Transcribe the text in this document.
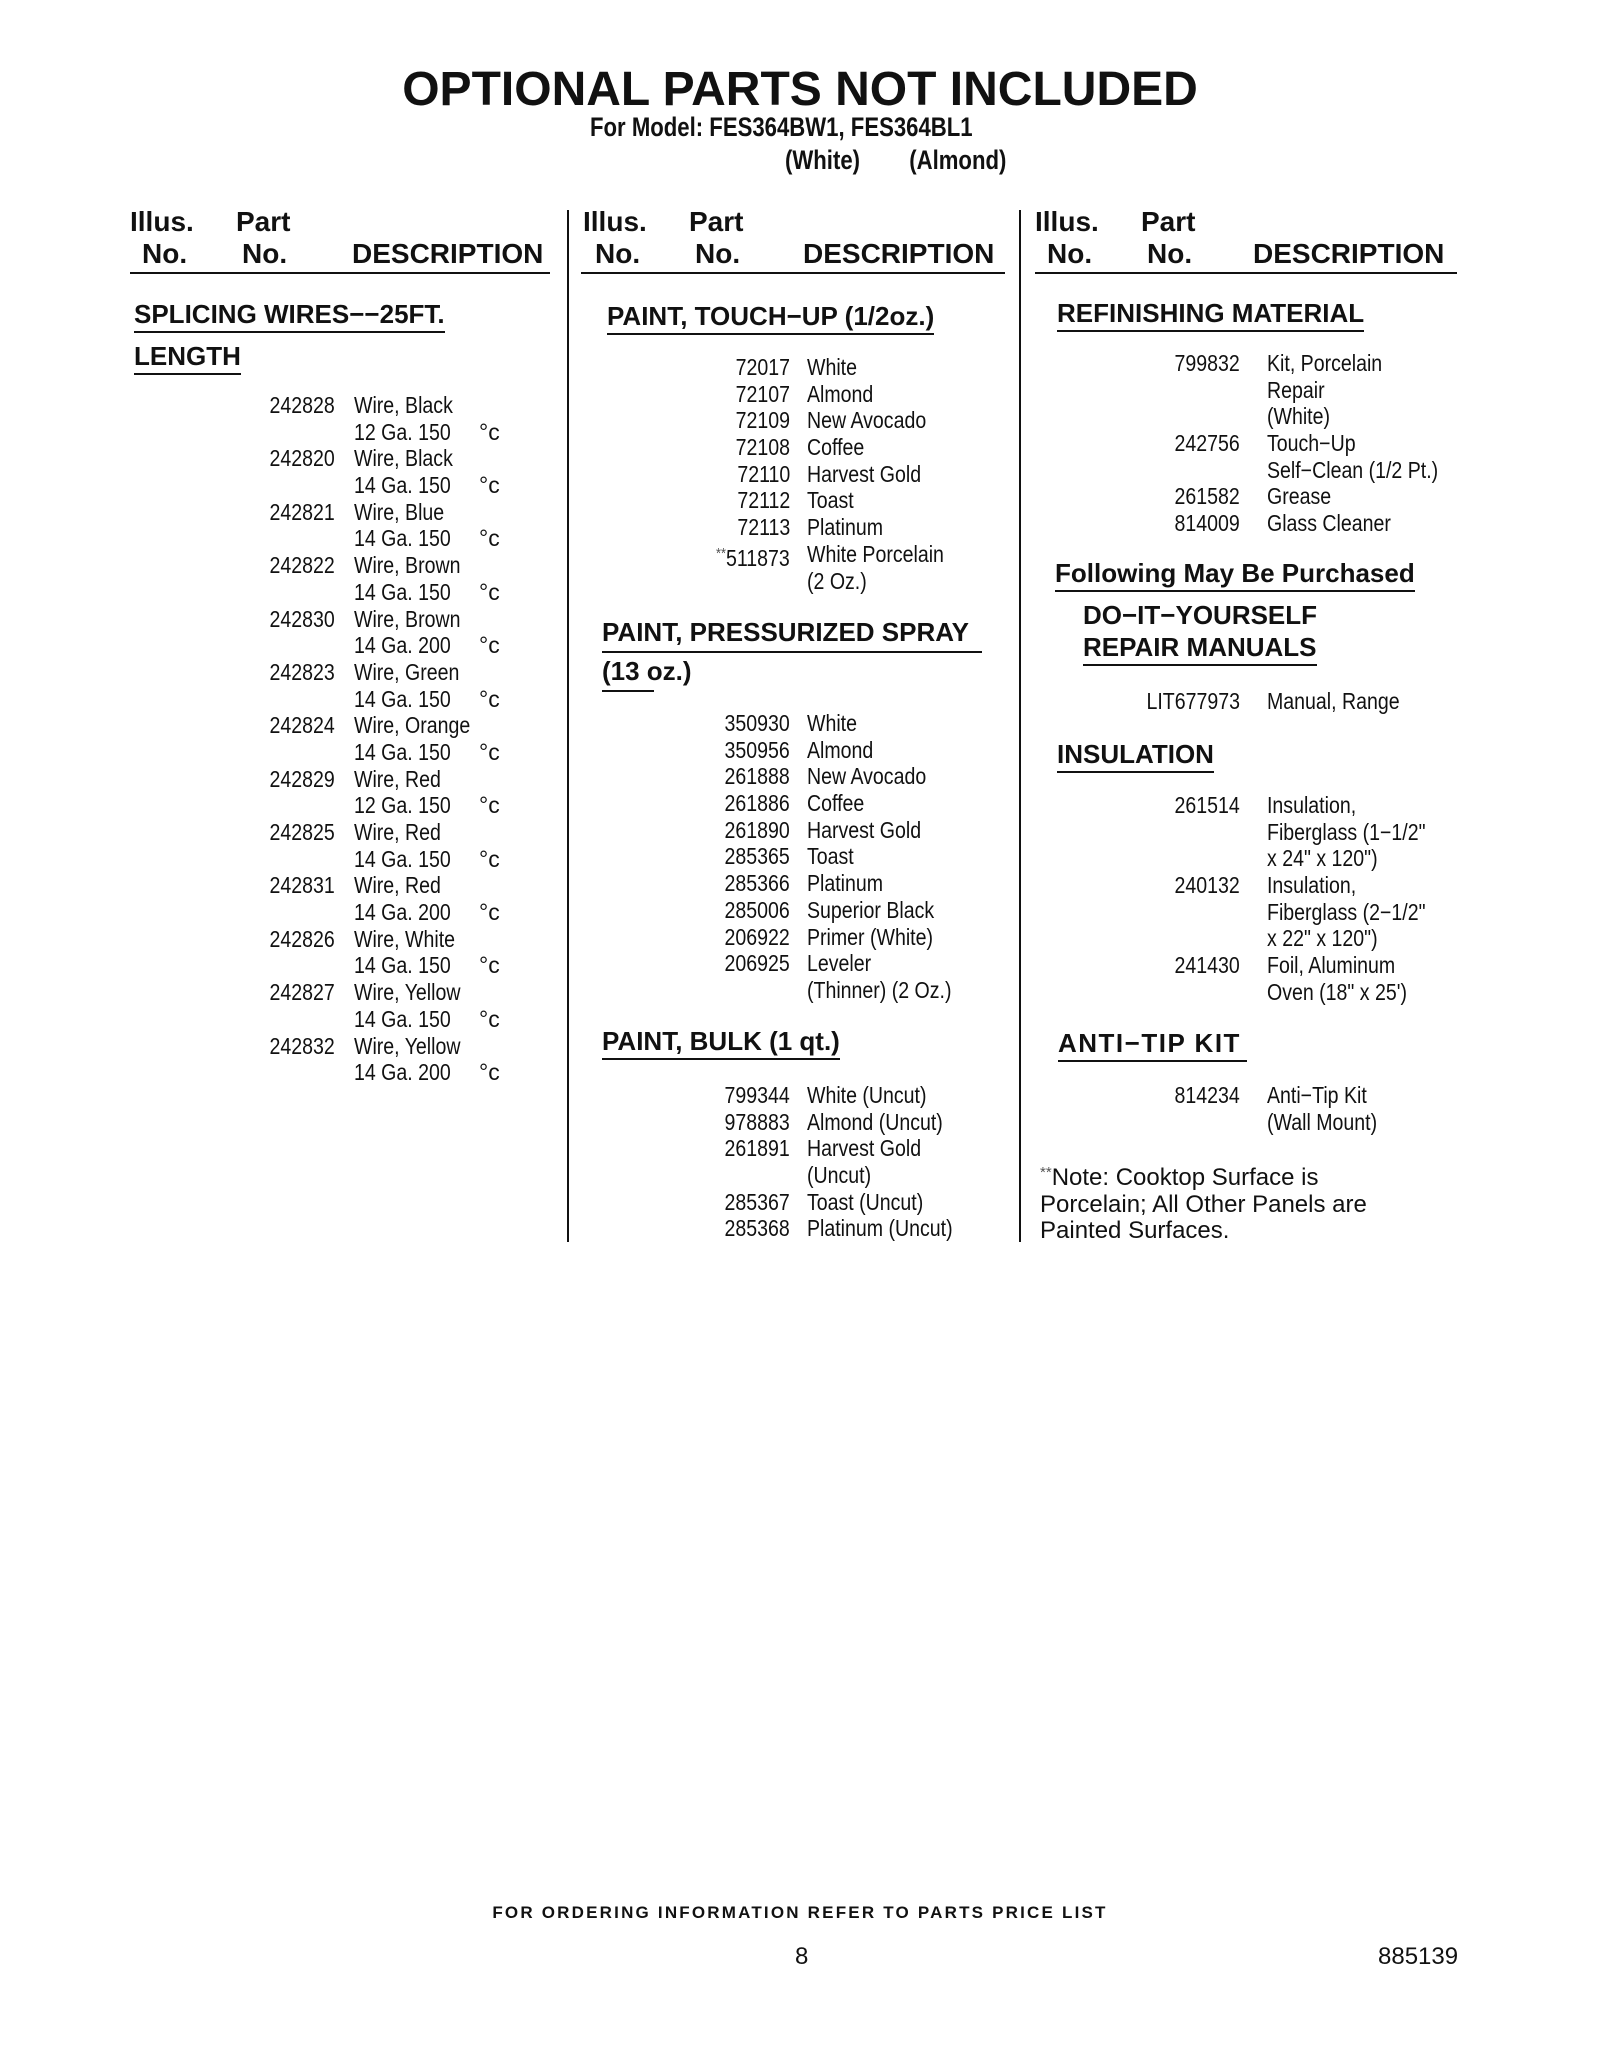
OPTIONAL PARTS NOT INCLUDED
For Model: FES364BW1, FES364BL1
(White) (Almond)
Illus.
No.
Part
No. DESCRIPTION
Illus.
No.
Part
No. DESCRIPTION
Illus.
No.
Part
No. DESCRIPTION
SPLICING WIRES−−25FT.
LENGTH
242828 Wire, Black
12 Ga. 150	°c
242820 Wire, Black
14 Ga. 150	°c
242821 Wire, Blue
14 Ga. 150	°c
242822 Wire, Brown
14 Ga. 150	°c
242830 Wire, Brown
14 Ga. 200	°c
242823 Wire, Green
14 Ga. 150	°c
242824 Wire, Orange
14 Ga. 150	°c
242829 Wire, Red
12 Ga. 150	°c
242825 Wire, Red
14 Ga. 150	°c
242831 Wire, Red
14 Ga. 200	°c
242826 Wire, White
14 Ga. 150	°c
242827 Wire, Yellow
14 Ga. 150	°c
242832 Wire, Yellow
14 Ga. 200	°c
PAINT, TOUCH−UP (1/2oz.)
72017 White
72107 Almond
72109 New Avocado
72108 Coffee
72110 Harvest Gold
72112 Toast
72113 Platinum
**511873 White Porcelain
(2 Oz.)
PAINT, PRESSURIZED SPRAY
(13 oz.)
350930 White
350956 Almond
261888 New Avocado
261886 Coffee
261890 Harvest Gold
285365 Toast
285366 Platinum
285006 Superior Black
206922 Primer (White)
206925 Leveler
(Thinner) (2 Oz.)
PAINT, BULK (1 qt.)
799344 White (Uncut)
978883 Almond (Uncut)
261891 Harvest Gold
(Uncut)
285367 Toast (Uncut)
285368 Platinum (Uncut)
REFINISHING MATERIAL
799832 Kit, Porcelain
Repair
(White)
242756 Touch−Up
Self−Clean (1/2 Pt.)
261582 Grease
814009 Glass Cleaner
Following May Be Purchased
DO−IT−YOURSELF
REPAIR MANUALS
LIT677973 Manual, Range
INSULATION
261514 Insulation,
Fiberglass (1−1/2"
x 24" x 120")
240132 Insulation,
Fiberglass (2−1/2"
x 22" x 120")
241430 Foil, Aluminum
Oven (18" x 25')
ANTI−TIP KIT
814234 Anti−Tip Kit
(Wall Mount)
**Note: Cooktop Surface is
Porcelain; All Other Panels are
Painted Surfaces.
FOR ORDERING INFORMATION REFER TO PARTS PRICE LIST
8	885139
